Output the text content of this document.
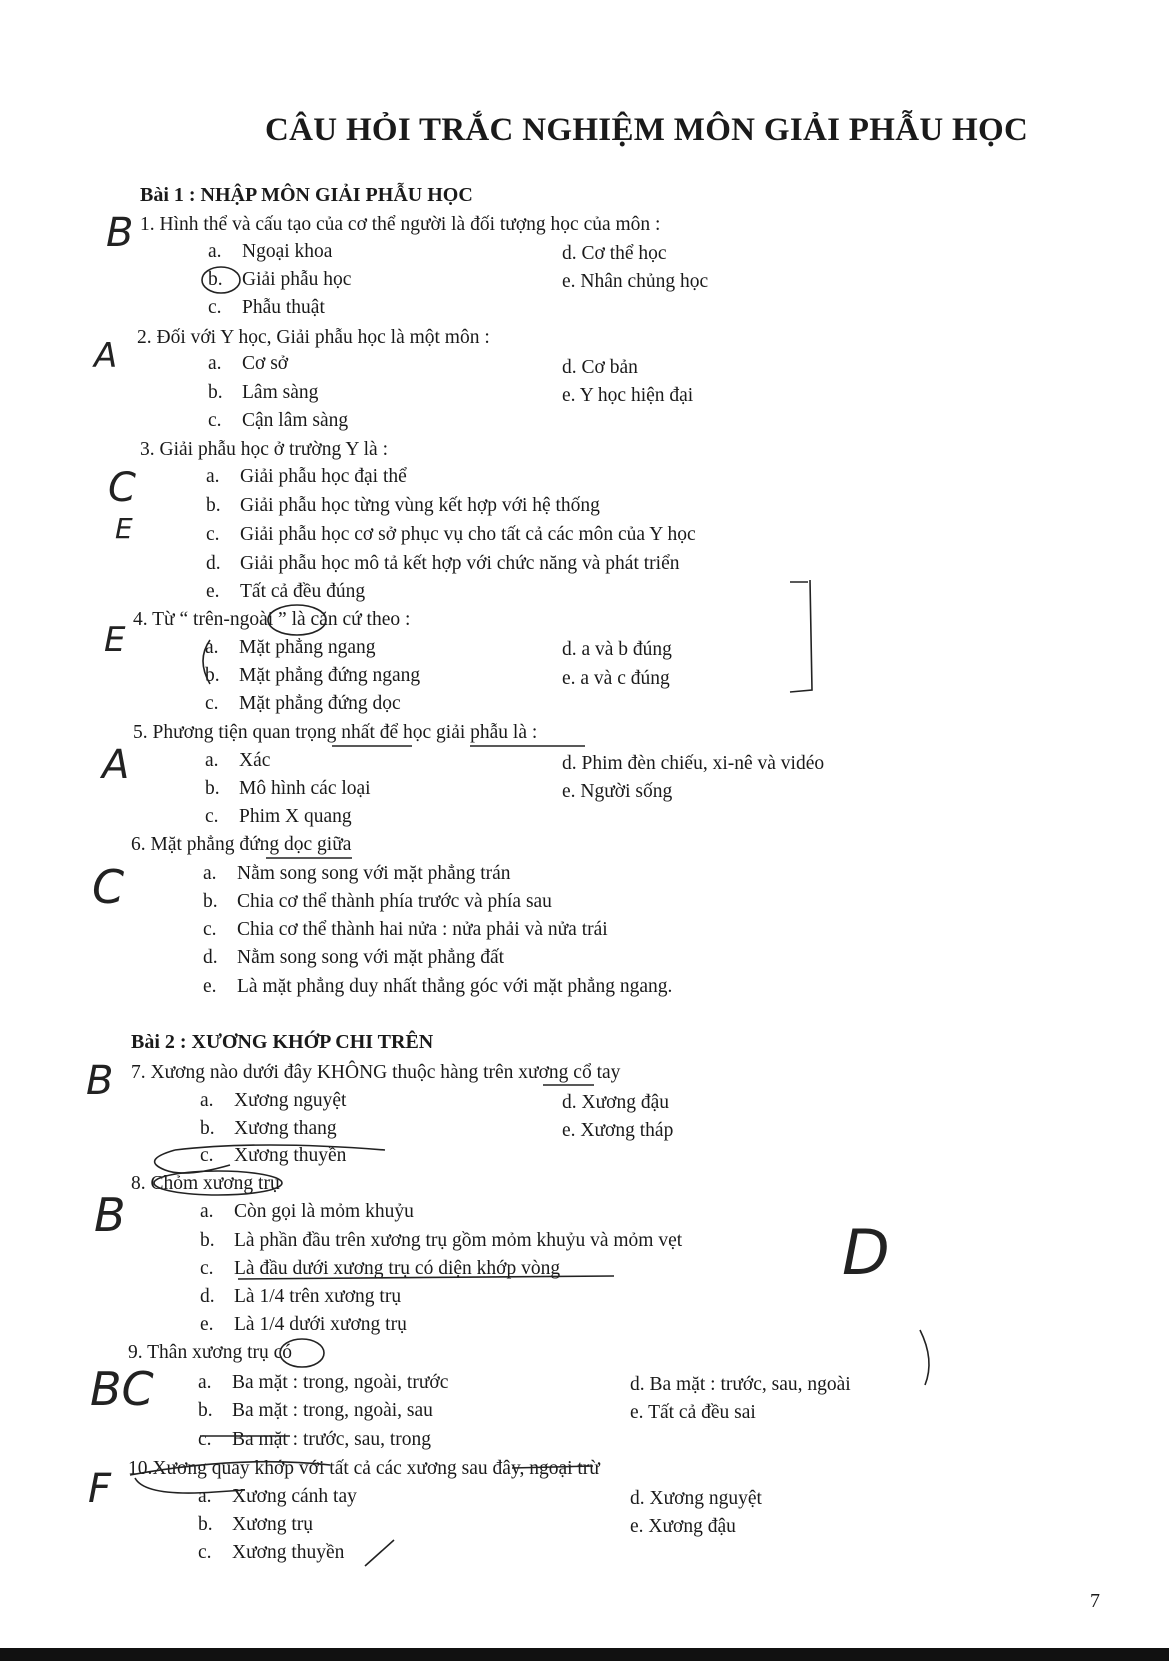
CÂU HỎI TRẮC NGHIỆM MÔN GIẢI PHẪU HỌC
Bài 1 : NHẬP MÔN GIẢI PHẪU HỌC
1. Hình thể và cấu tạo của cơ thể người là đối tượng học của môn :
a. Ngoại khoa
b. Giải phẫu học
c. Phẫu thuật
d. Cơ thể học
e. Nhân chủng học
2. Đối với Y học, Giải phẫu học là một môn :
a. Cơ sở
b. Lâm sàng
c. Cận lâm sàng
d. Cơ bản
e. Y học hiện đại
3. Giải phẫu học ở trường Y là :
a. Giải phẫu học đại thể
b. Giải phẫu học từng vùng kết hợp với hệ thống
c. Giải phẫu học cơ sở phục vụ cho tất cả các môn của Y học
d. Giải phẫu học mô tả kết hợp với chức năng và phát triển
e. Tất cả đều đúng
4. Từ “ trên-ngoài ” là căn cứ theo :
a. Mặt phẳng ngang
b. Mặt phẳng đứng ngang
c. Mặt phẳng đứng dọc
d. a và b đúng
e. a và c đúng
5. Phương tiện quan trọng nhất để học giải phẫu là :
a. Xác
b. Mô hình các loại
c. Phim X quang
d. Phim đèn chiếu, xi-nê và vidéo
e. Người sống
6. Mặt phẳng đứng dọc giữa
a. Nằm song song với mặt phẳng trán
b. Chia cơ thể thành phía trước và phía sau
c. Chia cơ thể thành hai nửa : nửa phải và nửa trái
d. Nằm song song với mặt phẳng đất
e. Là mặt phẳng duy nhất thẳng góc với mặt phẳng ngang.
Bài 2 : XƯƠNG KHỚP CHI TRÊN
7. Xương nào dưới đây KHÔNG thuộc hàng trên xương cổ tay
a. Xương nguyệt
b. Xương thang
c. Xương thuyền
d. Xương đậu
e. Xương tháp
8. Chỏm xương trụ
a. Còn gọi là mỏm khuỷu
b. Là phần đầu trên xương trụ gồm mỏm khuỷu và mỏm vẹt
c. Là đầu dưới xương trụ có diện khớp vòng
d. Là 1/4 trên xương trụ
e. Là 1/4 dưới xương trụ
9. Thân xương trụ có
a. Ba mặt : trong, ngoài, trước
b. Ba mặt : trong, ngoài, sau
c. Ba mặt : trước, sau, trong
d. Ba mặt : trước, sau, ngoài
e. Tất cả đều sai
10.Xương quay khớp với tất cả các xương sau đây, ngoại trừ
a. Xương cánh tay
b. Xương trụ
c. Xương thuyền
d. Xương nguyệt
e. Xương đậu
B
A
C
E
E
A
C
B
B
BC
F
D
7
